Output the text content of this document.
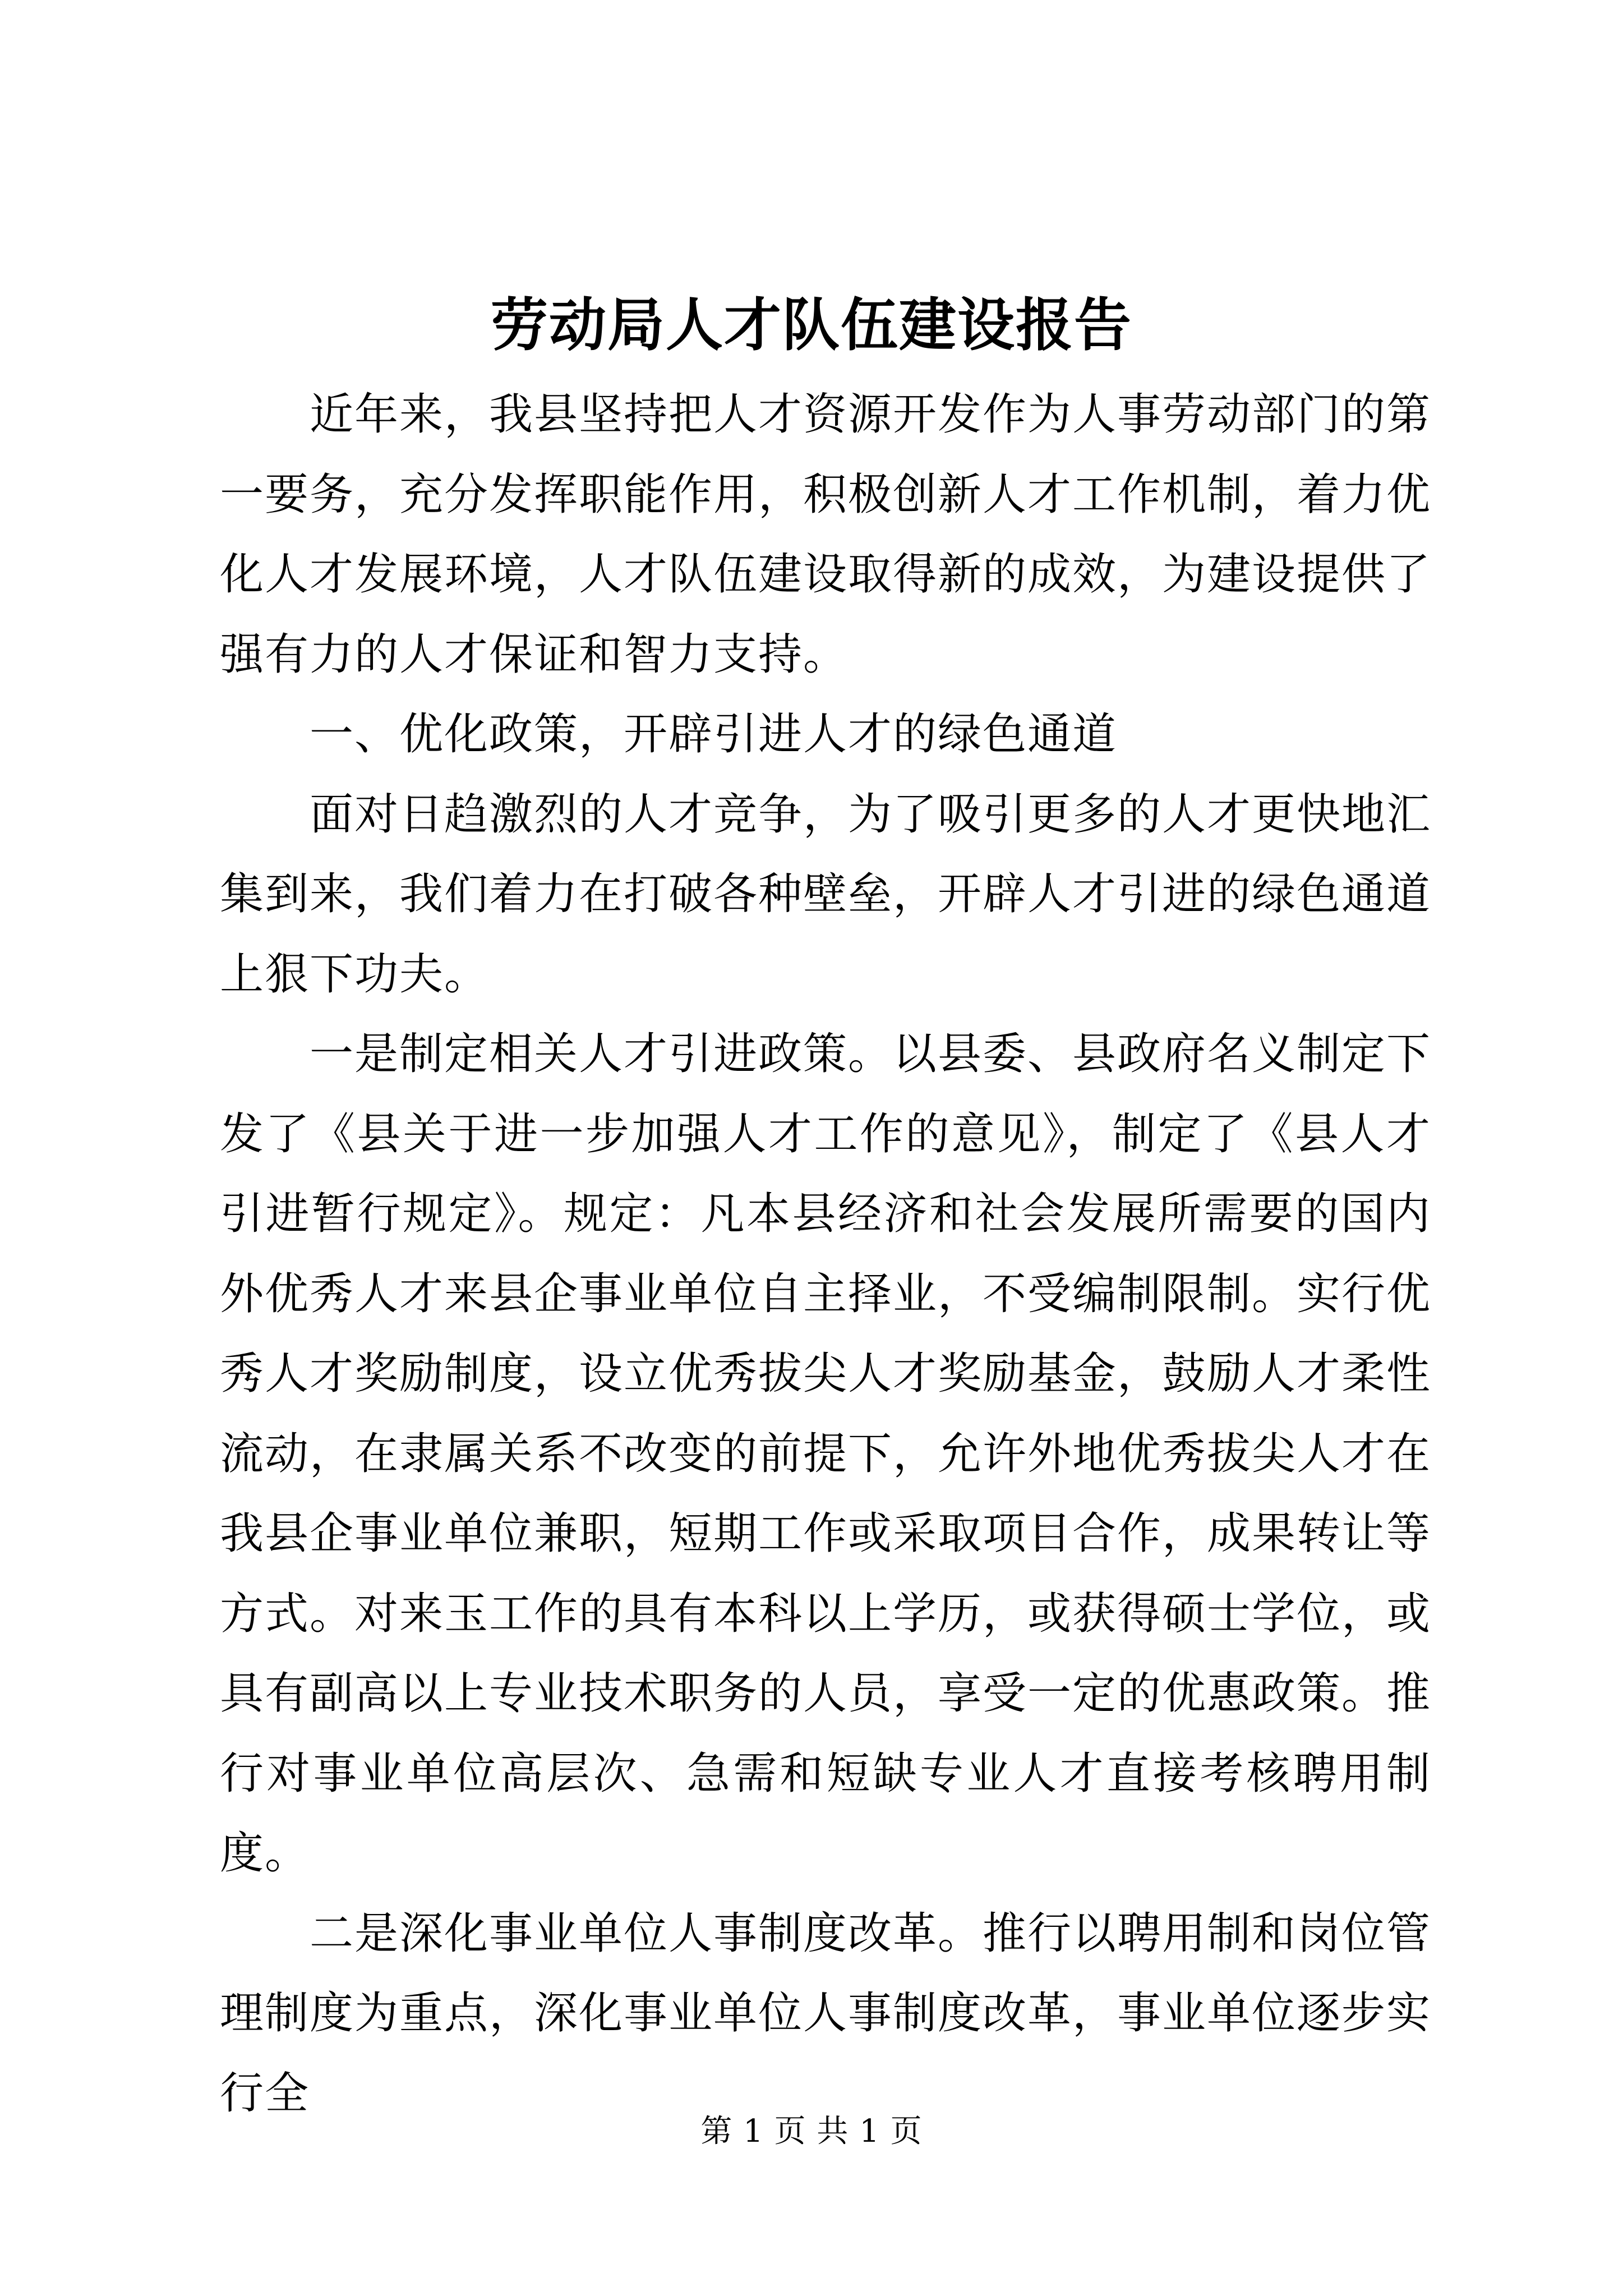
劳动局人才队伍建设报告

近年来，我县坚持把人才资源开发作为人事劳动部门的第一要务，充分发挥职能作用，积极创新人才工作机制，着力优化人才发展环境，人才队伍建设取得新的成效，为建设提供了强有力的人才保证和智力支持。

一、优化政策，开辟引进人才的绿色通道

面对日趋激烈的人才竞争，为了吸引更多的人才更快地汇集到来，我们着力在打破各种壁垒，开辟人才引进的绿色通道上狠下功夫。

一是制定相关人才引进政策。以县委、县政府名义制定下发了《县关于进一步加强人才工作的意见》，制定了《县人才引进暂行规定》。规定：凡本县经济和社会发展所需要的国内外优秀人才来县企事业单位自主择业，不受编制限制。实行优秀人才奖励制度，设立优秀拔尖人才奖励基金，鼓励人才柔性流动，在隶属关系不改变的前提下，允许外地优秀拔尖人才在我县企事业单位兼职，短期工作或采取项目合作，成果转让等方式。对来玉工作的具有本科以上学历，或获得硕士学位，或具有副高以上专业技术职务的人员，享受一定的优惠政策。推行对事业单位高层次、急需和短缺专业人才直接考核聘用制度。

二是深化事业单位人事制度改革。推行以聘用制和岗位管理制度为重点，深化事业单位人事制度改革，事业单位逐步实行全

第 1 页 共 1 页
